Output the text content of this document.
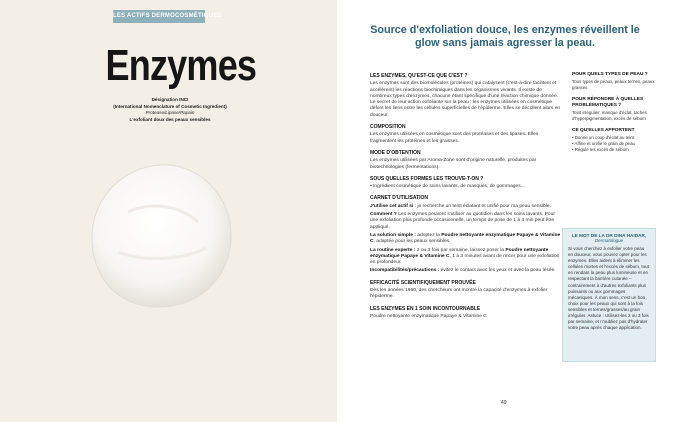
LES ACTIFS DERMOCOSMÉTIQUES
Enzymes
Désignation INCI
(International Nomenclature of Cosmetic Ingredient)
Protease/Lipase/Papain
L'exfoliant doux des peaux sensibles
Source d'exfoliation douce, les enzymes réveillent le glow sans jamais agresser la peau.
LES ENZYMES, QU'EST-CE QUE C'EST ?

Les enzymes sont des biomolécules (protéines) qui catalysent (c'est-à-dire facilitent et accélèrent) les réactions biochimiques dans les organismes vivants. Il existe de nombreux types d'enzymes, chacune étant spécifique d'une réaction chimique donnée. Le secret de leur action exfoliante sur la peau : les enzymes utilisées en cosmétique défont les liens entre les cellules superficielles de l'épiderme. Elles se décollent alors en douceur.

COMPOSITION

Les enzymes utilisées en cosmétique sont des protéases et des lipases. Elles fragmentent les protéines et les graisses.

MODE D'OBTENTION

Les enzymes utilisées par Aroma-Zone sont d'origine naturelle, produites par biotechnologies (fermentations).

SOUS QUELLES FORMES LES TROUVE-T-ON ?

• Ingrédient cosmétique de soins lavants, de masques, de gommages...

CARNET D'UTILISATION

J'utilise cet actif si : je recherche un teint éclatant et unifié pour ma peau sensible.

Comment ? Les enzymes peuvent s'utiliser au quotidien dans les soins lavants. Pour une exfoliation plus profonde occasionnelle, un temps de pose de 1 à 3 min peut être appliqué.

La solution simple : adoptez la Poudre nettoyante enzymatique Papaye & Vitamine C, adaptée pour les peaux sensibles.

La routine experte : 2 ou 3 fois par semaine, laissez poser la Poudre nettoyante enzymatique Papaye & Vitamine C, 1 à 3 minutes avant de rincer pour une exfoliation en profondeur.

Incompatibilités/précautions : évitez le contact avec les yeux et avec la peau lésée.

EFFICACITÉ SCIENTIFIQUEMENT PROUVÉE

Dès les années 1960, des chercheurs ont montré la capacité d'enzymes à exfolier l'épiderme.

LES ENZYMES EN 1 SOIN INCONTOURNABLE

Poudre nettoyante enzymatique Papaye & Vitamine C

POUR QUELS TYPES DE PEAU ?

Tous types de peaux, peaux ternes, peaux grasses

POUR RÉPONDRE À QUELLES PROBLÉMATIQUES ?

Teint irrégulier, manque d'éclat, taches d'hyperpigmentation, excès de sébum

CE QU'ELLES APPORTENT
• Donne un coup d'éclat au teint
• Affine et unifie le grain de peau
• Régule les excès de sébum
LE MOT DE LA DR DINA HAIDAR,
Dermatologue
Si vous cherchez à exfolier votre peau en douceur, vous pouvez opter pour les enzymes. Elles aident à éliminer les cellules mortes et l'excès de sébum, tout en rendant la peau plus lumineuse et en respectant la barrière cutanée – contrairement à d'autres exfoliants plus puissants ou aux gommages mécaniques. À mon sens, c'est un bon choix pour les peaux qui sont à la fois sensibles et ternes/grasses/au grain irrégulier. Astuce : Utilisez-les 2 ou 3 fois par semaine, et n'oubliez pas d'hydrater votre peau après chaque application.
49
